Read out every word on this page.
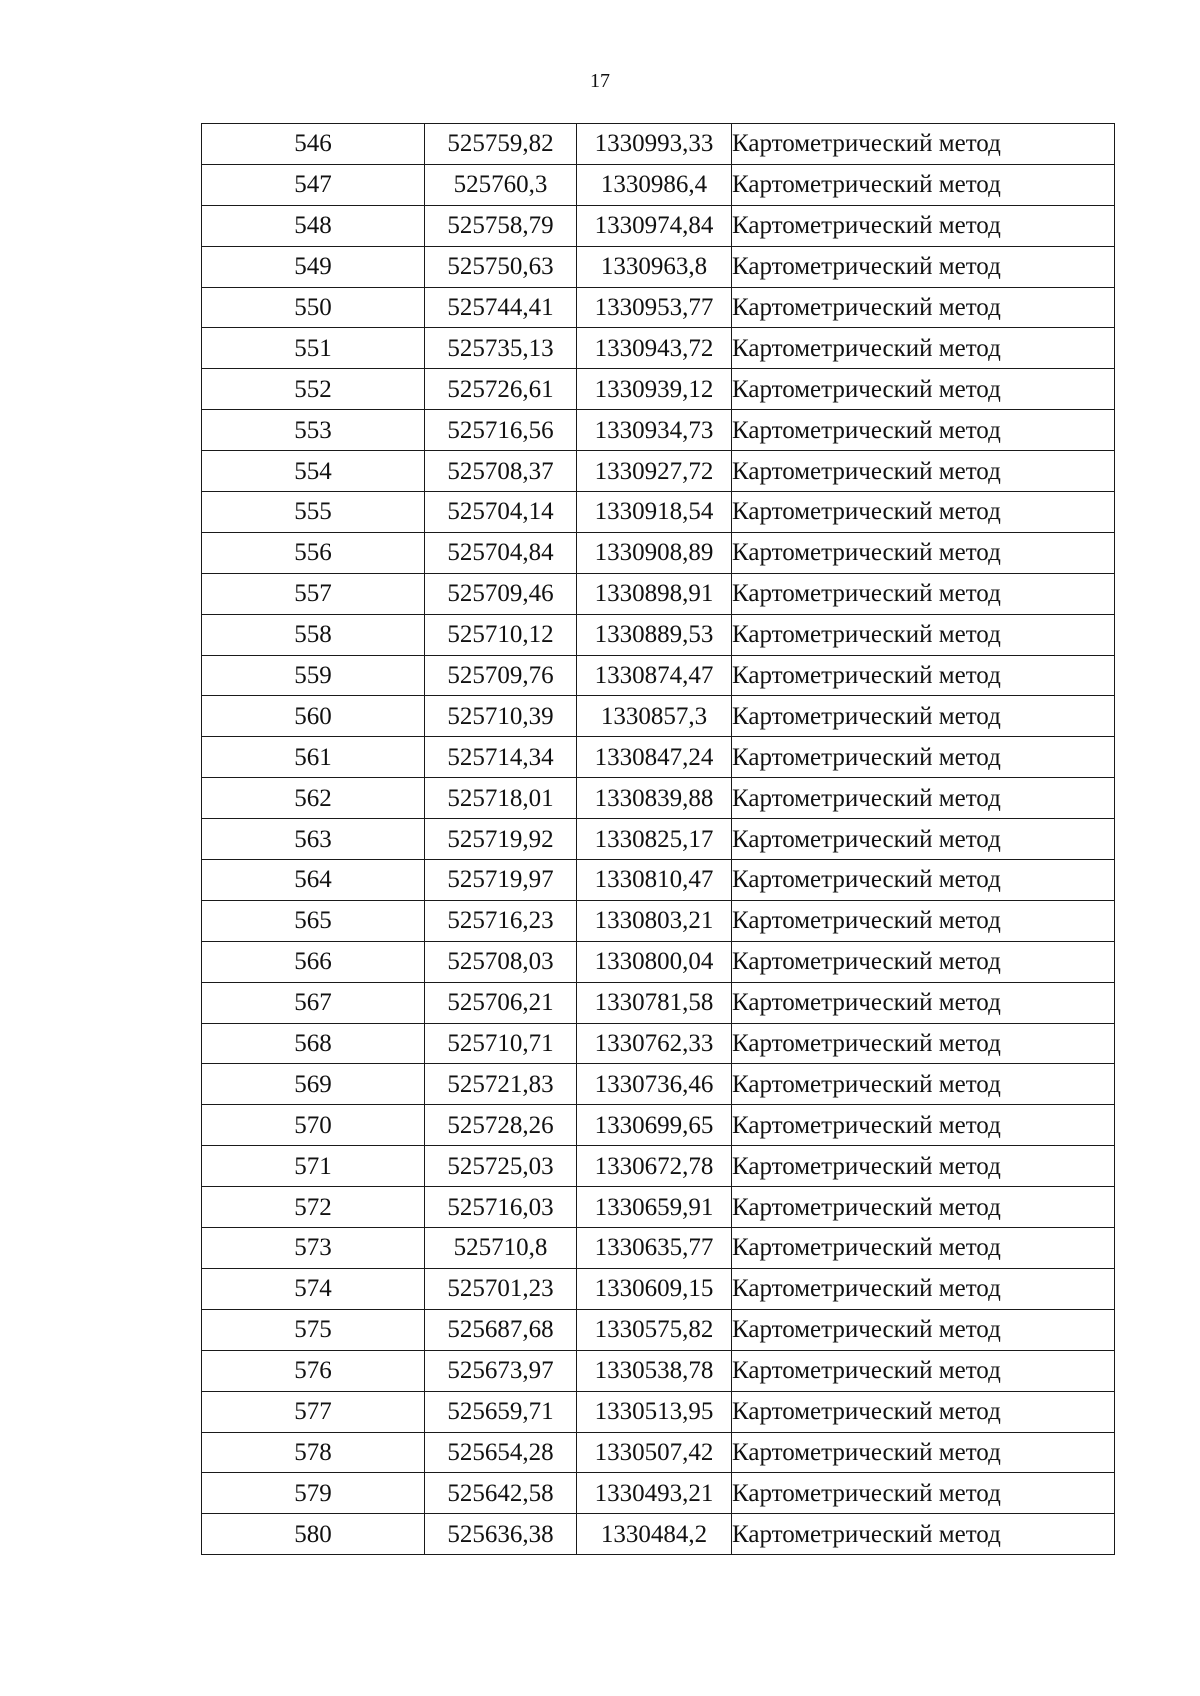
17
546	525759,82	1330993,33	Картометрический метод
547	525760,3	1330986,4	Картометрический метод
548	525758,79	1330974,84	Картометрический метод
549	525750,63	1330963,8	Картометрический метод
550	525744,41	1330953,77	Картометрический метод
551	525735,13	1330943,72	Картометрический метод
552	525726,61	1330939,12	Картометрический метод
553	525716,56	1330934,73	Картометрический метод
554	525708,37	1330927,72	Картометрический метод
555	525704,14	1330918,54	Картометрический метод
556	525704,84	1330908,89	Картометрический метод
557	525709,46	1330898,91	Картометрический метод
558	525710,12	1330889,53	Картометрический метод
559	525709,76	1330874,47	Картометрический метод
560	525710,39	1330857,3	Картометрический метод
561	525714,34	1330847,24	Картометрический метод
562	525718,01	1330839,88	Картометрический метод
563	525719,92	1330825,17	Картометрический метод
564	525719,97	1330810,47	Картометрический метод
565	525716,23	1330803,21	Картометрический метод
566	525708,03	1330800,04	Картометрический метод
567	525706,21	1330781,58	Картометрический метод
568	525710,71	1330762,33	Картометрический метод
569	525721,83	1330736,46	Картометрический метод
570	525728,26	1330699,65	Картометрический метод
571	525725,03	1330672,78	Картометрический метод
572	525716,03	1330659,91	Картометрический метод
573	525710,8	1330635,77	Картометрический метод
574	525701,23	1330609,15	Картометрический метод
575	525687,68	1330575,82	Картометрический метод
576	525673,97	1330538,78	Картометрический метод
577	525659,71	1330513,95	Картометрический метод
578	525654,28	1330507,42	Картометрический метод
579	525642,58	1330493,21	Картометрический метод
580	525636,38	1330484,2	Картометрический метод
